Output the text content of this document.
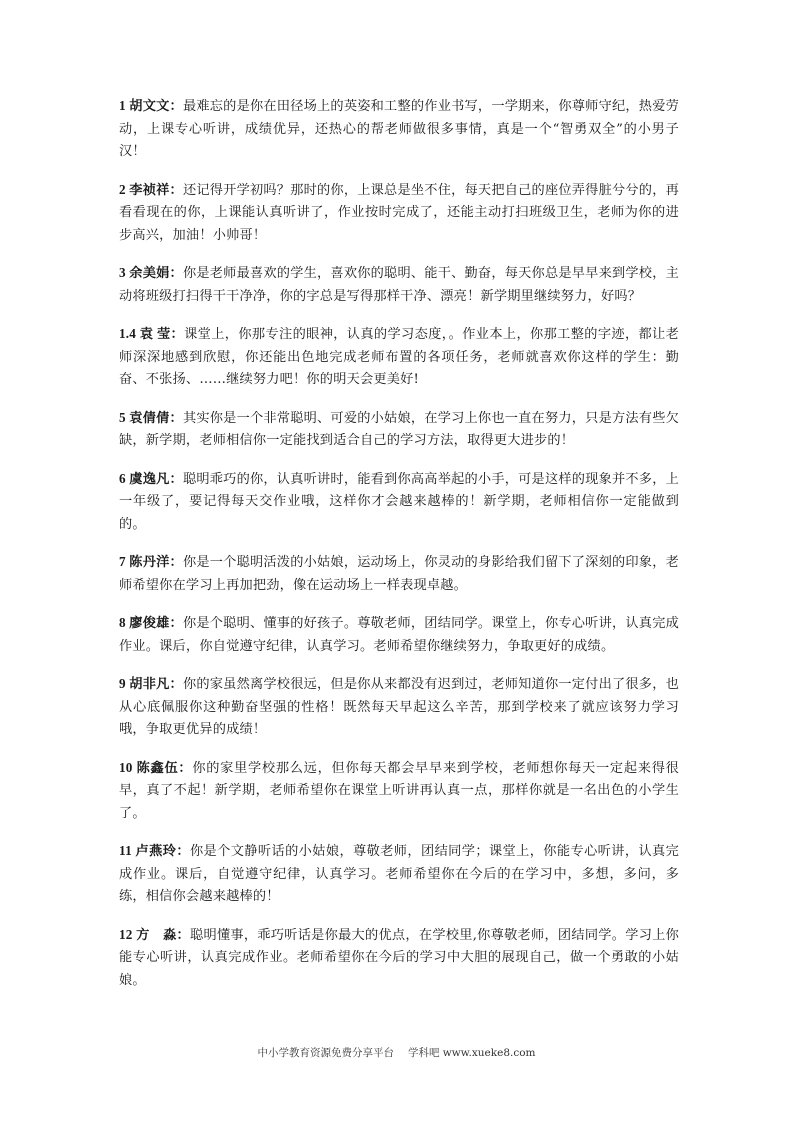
1 胡文文：最难忘的是你在田径场上的英姿和工整的作业书写，一学期来，你尊师守纪，热爱劳动，上课专心听讲，成绩优异，还热心的帮老师做很多事情，真是一个“智勇双全”的小男子汉！

2 李祯祥：还记得开学初吗？那时的你，上课总是坐不住，每天把自己的座位弄得脏兮兮的，再看看现在的你，上课能认真听讲了，作业按时完成了，还能主动打扫班级卫生，老师为你的进步高兴，加油！小帅哥！

3 余美娟：你是老师最喜欢的学生，喜欢你的聪明、能干、勤奋，每天你总是早早来到学校，主动将班级打扫得干干净净，你的字总是写得那样干净、漂亮！新学期里继续努力，好吗？

1.4 袁 莹：课堂上，你那专注的眼神，认真的学习态度，。作业本上，你那工整的字迹，都让老师深深地感到欣慰，你还能出色地完成老师布置的各项任务，老师就喜欢你这样的学生：勤奋、不张扬、……继续努力吧！你的明天会更美好!

5 袁倩倩：其实你是一个非常聪明、可爱的小姑娘，在学习上你也一直在努力，只是方法有些欠缺，新学期，老师相信你一定能找到适合自己的学习方法，取得更大进步的！

6 虞逸凡：聪明乖巧的你，认真听讲时，能看到你高高举起的小手，可是这样的现象并不多，上一年级了，要记得每天交作业哦，这样你才会越来越棒的！新学期，老师相信你一定能做到的。

7 陈丹洋：你是一个聪明活泼的小姑娘，运动场上，你灵动的身影给我们留下了深刻的印象，老师希望你在学习上再加把劲，像在运动场上一样表现卓越。

8 廖俊雄：你是个聪明、懂事的好孩子。尊敬老师，团结同学。课堂上，你专心听讲，认真完成作业。课后，你自觉遵守纪律，认真学习。老师希望你继续努力，争取更好的成绩。

9 胡非凡：你的家虽然离学校很远，但是你从来都没有迟到过，老师知道你一定付出了很多，也从心底佩服你这种勤奋坚强的性格！既然每天早起这么辛苦，那到学校来了就应该努力学习哦，争取更优异的成绩！

10 陈鑫伍：你的家里学校那么远，但你每天都会早早来到学校，老师想你每天一定起来得很早，真了不起！新学期，老师希望你在课堂上听讲再认真一点，那样你就是一名出色的小学生了。

11 卢燕玲：你是个文静听话的小姑娘，尊敬老师，团结同学；课堂上，你能专心听讲，认真完成作业。课后，自觉遵守纪律，认真学习。老师希望你在今后的在学习中，多想，多问，多练，相信你会越来越棒的！

12 方　淼：聪明懂事，乖巧听话是你最大的优点，在学校里,你尊敬老师，团结同学。学习上你能专心听讲，认真完成作业。老师希望你在今后的学习中大胆的展现自己，做一个勇敢的小姑娘。

中小学教育资源免费分享平台 学科吧 www.xueke8.com
